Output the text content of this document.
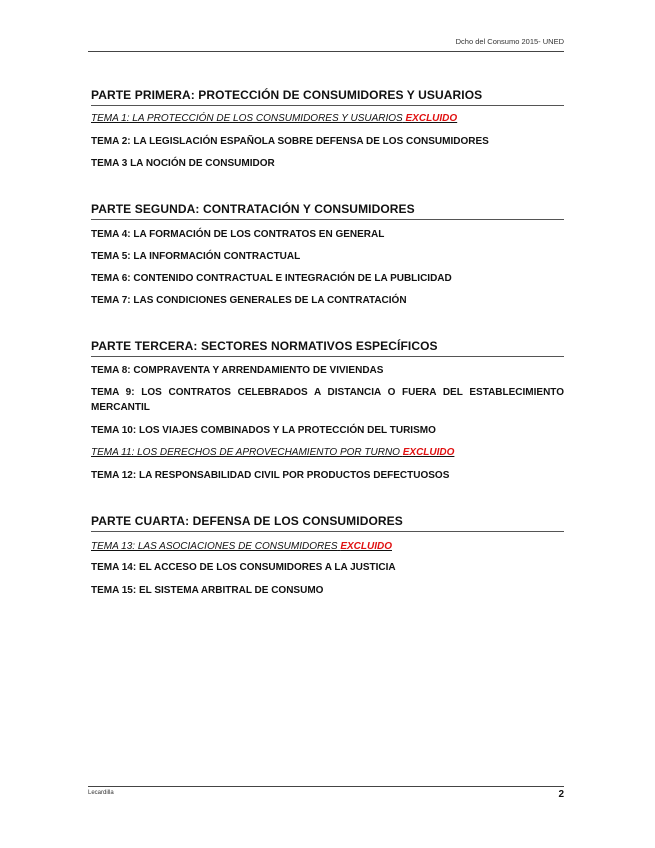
Dcho del Consumo 2015- UNED
PARTE PRIMERA: PROTECCIÓN DE CONSUMIDORES Y USUARIOS
TEMA 1: LA PROTECCIÓN DE LOS CONSUMIDORES Y USUARIOS EXCLUIDO
TEMA 2: LA LEGISLACIÓN ESPAÑOLA SOBRE DEFENSA DE LOS CONSUMIDORES
TEMA 3 LA NOCIÓN DE CONSUMIDOR
PARTE SEGUNDA: CONTRATACIÓN Y CONSUMIDORES
TEMA 4: LA FORMACIÓN DE LOS CONTRATOS EN GENERAL
TEMA 5: LA INFORMACIÓN CONTRACTUAL
TEMA 6: CONTENIDO CONTRACTUAL E INTEGRACIÓN DE LA PUBLICIDAD
TEMA 7: LAS CONDICIONES GENERALES DE LA CONTRATACIÓN
PARTE TERCERA: SECTORES NORMATIVOS ESPECÍFICOS
TEMA 8: COMPRAVENTA Y ARRENDAMIENTO DE VIVIENDAS
TEMA 9: LOS CONTRATOS CELEBRADOS A DISTANCIA O FUERA DEL ESTABLECIMIENTO MERCANTIL
TEMA 10: LOS VIAJES COMBINADOS Y LA PROTECCIÓN DEL TURISMO
TEMA 11: LOS DERECHOS DE APROVECHAMIENTO POR TURNO EXCLUIDO
TEMA 12: LA RESPONSABILIDAD CIVIL POR PRODUCTOS DEFECTUOSOS
PARTE CUARTA: DEFENSA DE LOS CONSUMIDORES
TEMA 13: LAS ASOCIACIONES DE CONSUMIDORES EXCLUIDO
TEMA 14: EL ACCESO DE LOS CONSUMIDORES A LA JUSTICIA
TEMA 15: EL SISTEMA ARBITRAL DE CONSUMO
Lecardilla	2
